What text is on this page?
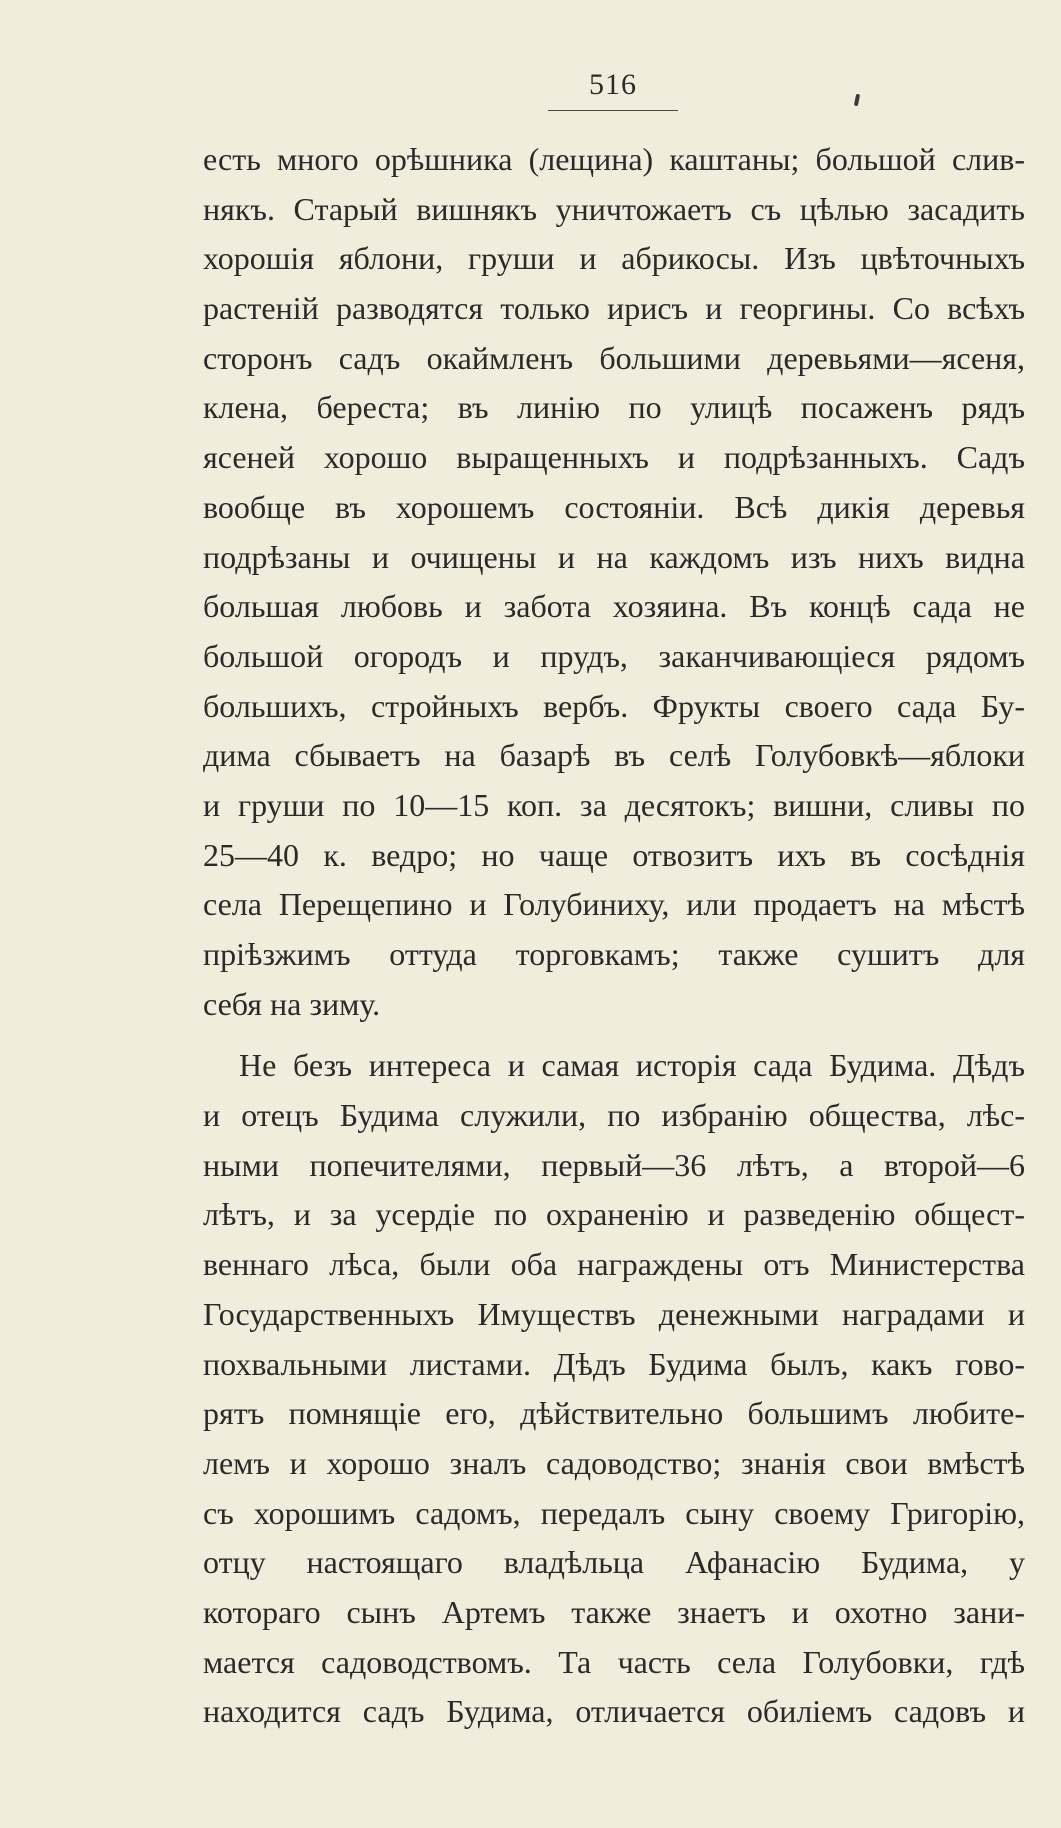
516
есть много орѣшника (лещина) каштаны; большой слив-
някъ. Старый вишнякъ уничтожаетъ съ цѣлью засадить
хорошія яблони, груши и абрикосы. Изъ цвѣточныхъ
растеній разводятся только ирисъ и георгины. Со всѣхъ
сторонъ садъ окаймленъ большими деревьями—ясеня,
клена, береста; въ линію по улицѣ посаженъ рядъ
ясеней хорошо выращенныхъ и подрѣзанныхъ. Садъ
вообще въ хорошемъ состояніи. Всѣ дикія деревья
подрѣзаны и очищены и на каждомъ изъ нихъ видна
большая любовь и забота хозяина. Въ концѣ сада не
большой огородъ и прудъ, заканчивающіеся рядомъ
большихъ, стройныхъ вербъ. Фрукты своего сада Бу-
дима сбываетъ на базарѣ въ селѣ Голубовкѣ—яблоки
и груши по 10—15 коп. за десятокъ; вишни, сливы по
25—40 к. ведро; но чаще отвозитъ ихъ въ сосѣднія
села Перещепино и Голубиниху, или продаетъ на мѣстѣ
пріѣзжимъ оттуда торговкамъ; также сушитъ для
себя на зиму.
Не безъ интереса и самая исторія сада Будима. Дѣдъ
и отецъ Будима служили, по избранію общества, лѣс-
ными попечителями, первый—36 лѣтъ, а второй—6
лѣтъ, и за усердіе по охраненію и разведенію общест-
веннаго лѣса, были оба награждены отъ Министерства
Государственныхъ Имуществъ денежными наградами и
похвальными листами. Дѣдъ Будима былъ, какъ гово-
рятъ помнящіе его, дѣйствительно большимъ любите-
лемъ и хорошо зналъ садоводство; знанія свои вмѣстѣ
съ хорошимъ садомъ, передалъ сыну своему Григорію,
отцу настоящаго владѣльца Афанасію Будима, у
котораго сынъ Артемъ также знаетъ и охотно зани-
мается садоводствомъ. Та часть села Голубовки, гдѣ
находится садъ Будима, отличается обиліемъ садовъ и
